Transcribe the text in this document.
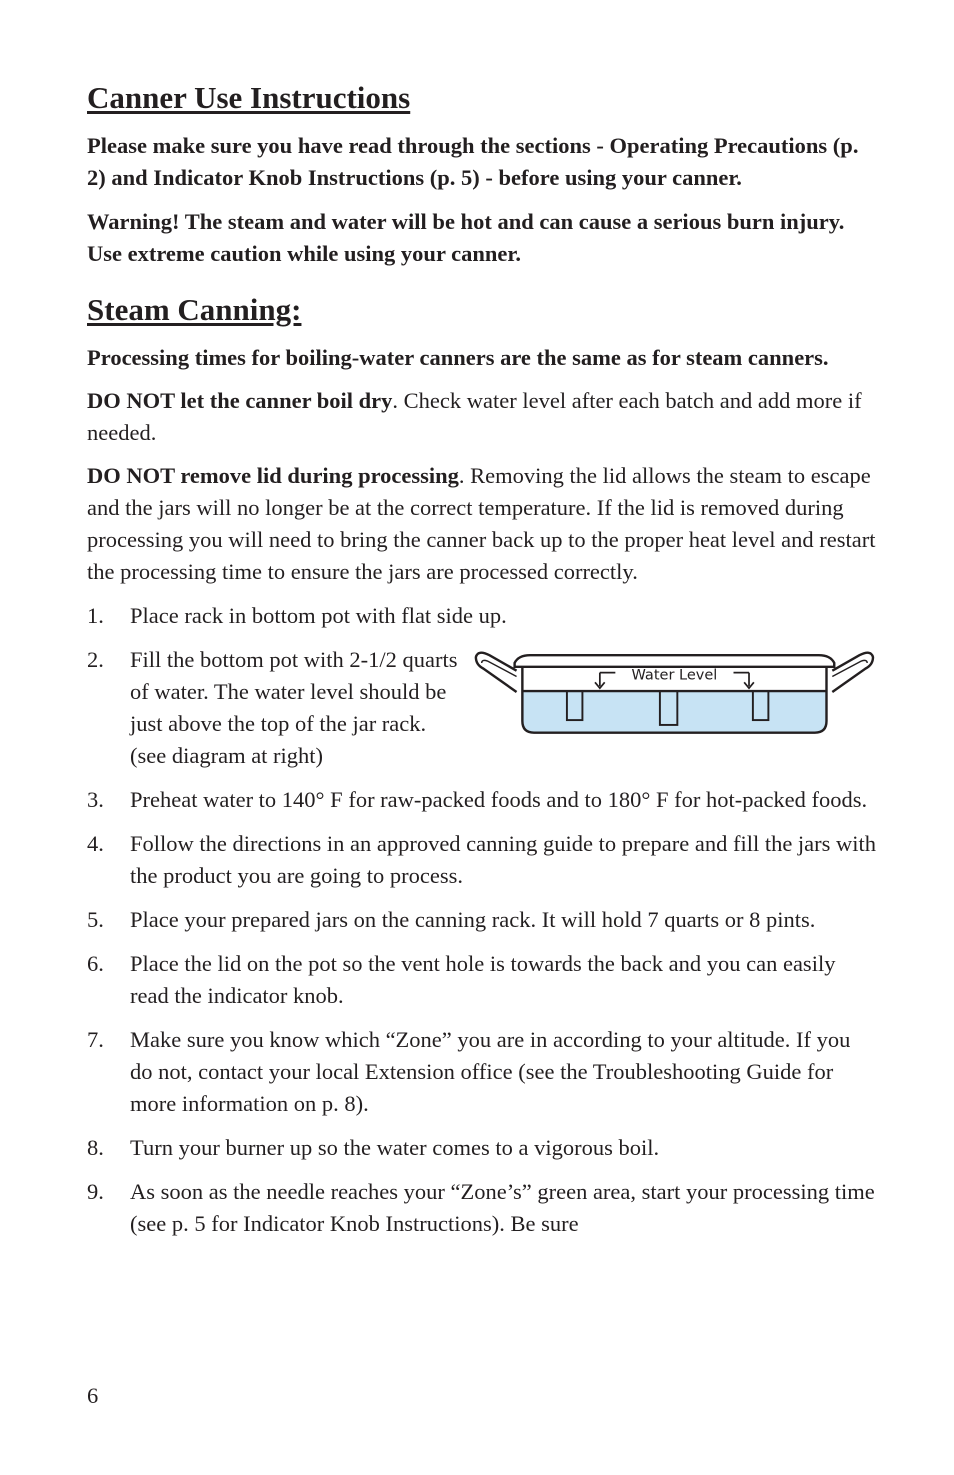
Canner Use Instructions

Please make sure you have read through the sections - Operating Precautions (p. 2) and Indicator Knob Instructions (p. 5) - before using your canner.

Warning! The steam and water will be hot and can cause a serious burn injury. Use extreme caution while using your canner.

Steam Canning:

Processing times for boiling-water canners are the same as for steam canners.

DO NOT let the canner boil dry. Check water level after each batch and add more if needed.

DO NOT remove lid during processing. Removing the lid allows the steam to escape and the jars will no longer be at the correct temperature. If the lid is removed during processing you will need to bring the canner back up to the proper heat level and restart the processing time to ensure the jars are processed correctly.

1. Place rack in bottom pot with flat side up.
2. Fill the bottom pot with 2-1/2 quarts of water. The water level should be just above the top of the jar rack. (see diagram at right)
Water Level
3. Preheat water to 140° F for raw-packed foods and to 180° F for hot-packed foods.
4. Follow the directions in an approved canning guide to prepare and fill the jars with the product you are going to process.
5. Place your prepared jars on the canning rack. It will hold 7 quarts or 8 pints.
6. Place the lid on the pot so the vent hole is towards the back and you can easily read the indicator knob.
7. Make sure you know which “Zone” you are in according to your altitude. If you do not, contact your local Extension office (see the Troubleshooting Guide for more information on p. 8).
8. Turn your burner up so the water comes to a vigorous boil.
9. As soon as the needle reaches your “Zone’s” green area, start your processing time (see p. 5 for Indicator Knob Instructions). Be sure
6
